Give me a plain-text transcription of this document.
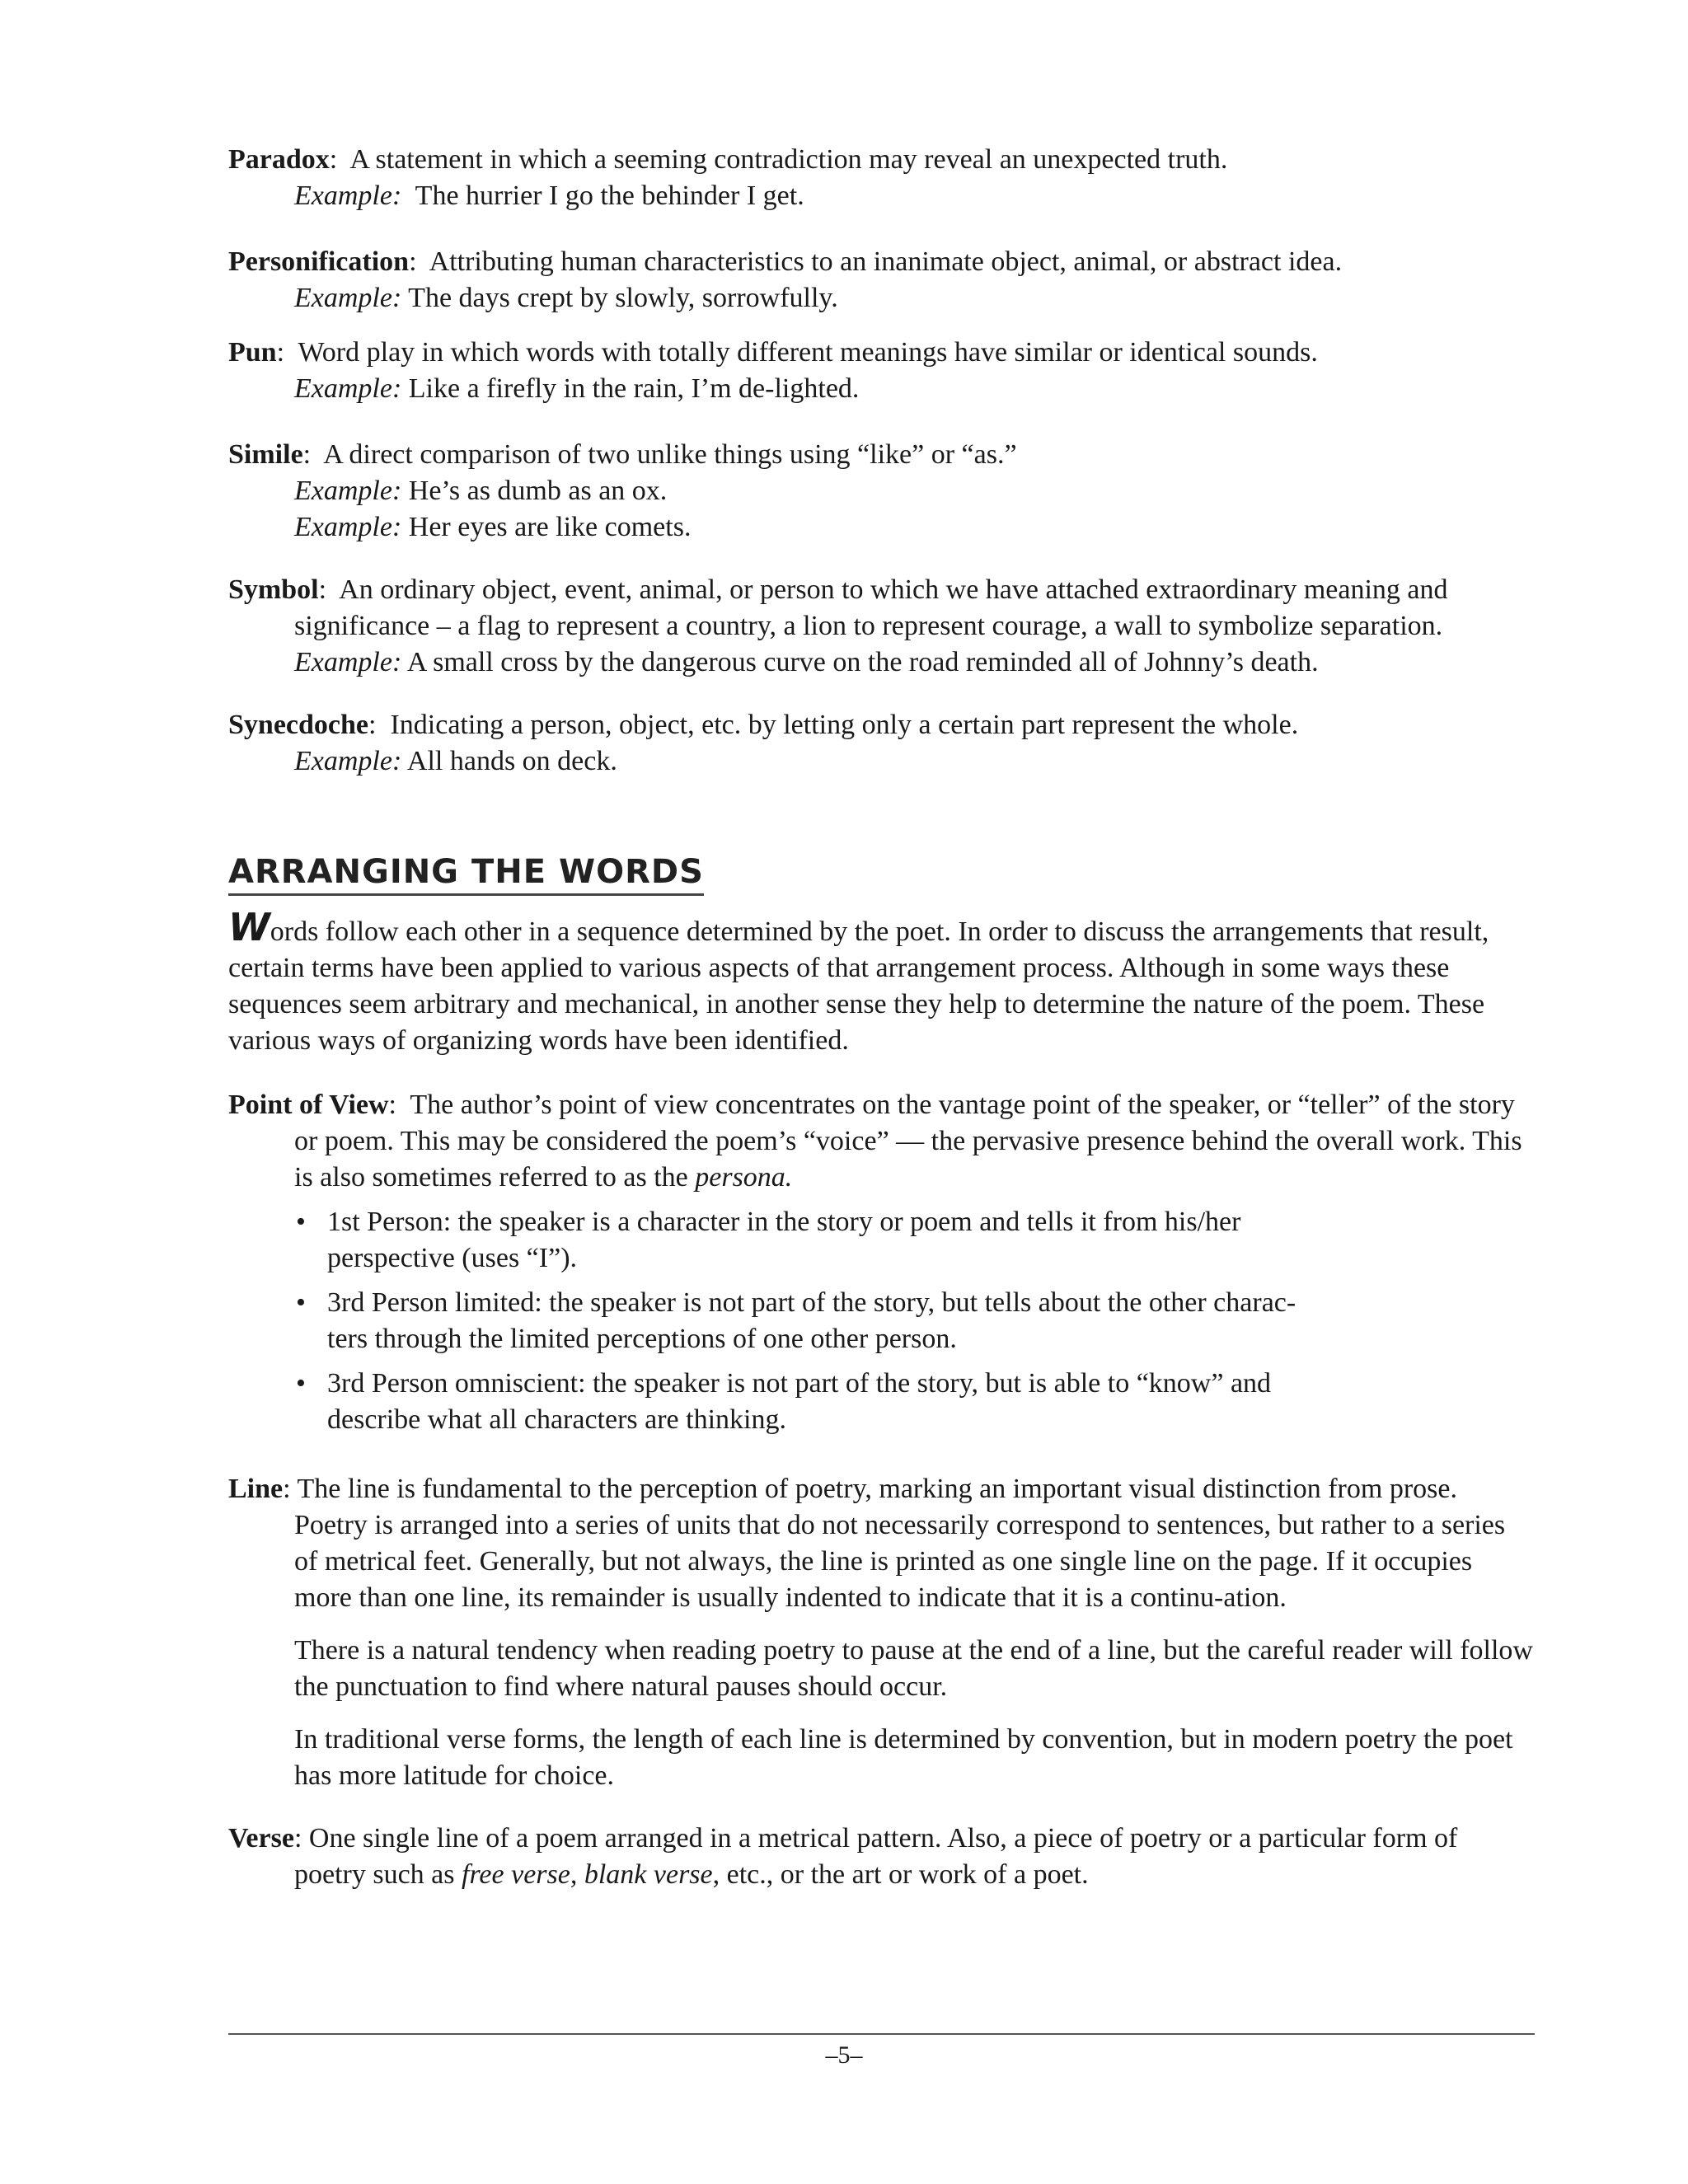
Paradox:  A statement in which a seeming contradiction may reveal an unexpected truth.

Example: The hurrier I go the behinder I get.

Personification:  Attributing human characteristics to an inanimate object, animal, or abstract idea.

Example: The days crept by slowly, sorrowfully.

Pun:  Word play in which words with totally different meanings have similar or identical sounds.

Example: Like a firefly in the rain, I’m de-lighted.

Simile:  A direct comparison of two unlike things using “like” or “as.”

Example: He’s as dumb as an ox.

Example: Her eyes are like comets.

Symbol:  An ordinary object, event, animal, or person to which we have attached extraordinary meaning and

significance – a flag to represent a country, a lion to represent courage, a wall to symbolize separation.

Example: A small cross by the dangerous curve on the road reminded all of Johnny’s death.

Synecdoche:  Indicating a person, object, etc. by letting only a certain part represent the whole.

Example: All hands on deck.

ARRANGING THE WORDS

Words follow each other in a sequence determined by the poet. In order to discuss the arrangements that result, certain terms have been applied to various aspects of that arrangement process. Although in some ways these sequences seem arbitrary and mechanical, in another sense they help to determine the nature of the poem. These various ways of organizing words have been identified.

Point of View:  The author’s point of view concentrates on the vantage point of the speaker, or “teller” of the story or poem. This may be considered the poem’s “voice” — the pervasive presence behind the overall work. This is also sometimes referred to as the persona.

• 1st Person: the speaker is a character in the story or poem and tells it from his/her perspective (uses “I”).
• 3rd Person limited: the speaker is not part of the story, but tells about the other charac-ters through the limited perceptions of one other person.
• 3rd Person omniscient: the speaker is not part of the story, but is able to “know” and describe what all characters are thinking.

Line: The line is fundamental to the perception of poetry, marking an important visual distinction from prose. Poetry is arranged into a series of units that do not necessarily correspond to sentences, but rather to a series of metrical feet. Generally, but not always, the line is printed as one single line on the page. If it occupies more than one line, its remainder is usually indented to indicate that it is a continu-ation.

There is a natural tendency when reading poetry to pause at the end of a line, but the careful reader will follow the punctuation to find where natural pauses should occur.

In traditional verse forms, the length of each line is determined by convention, but in modern poetry the poet has more latitude for choice.

Verse: One single line of a poem arranged in a metrical pattern. Also, a piece of poetry or a particular form of poetry such as free verse, blank verse, etc., or the art or work of a poet.

–5–
